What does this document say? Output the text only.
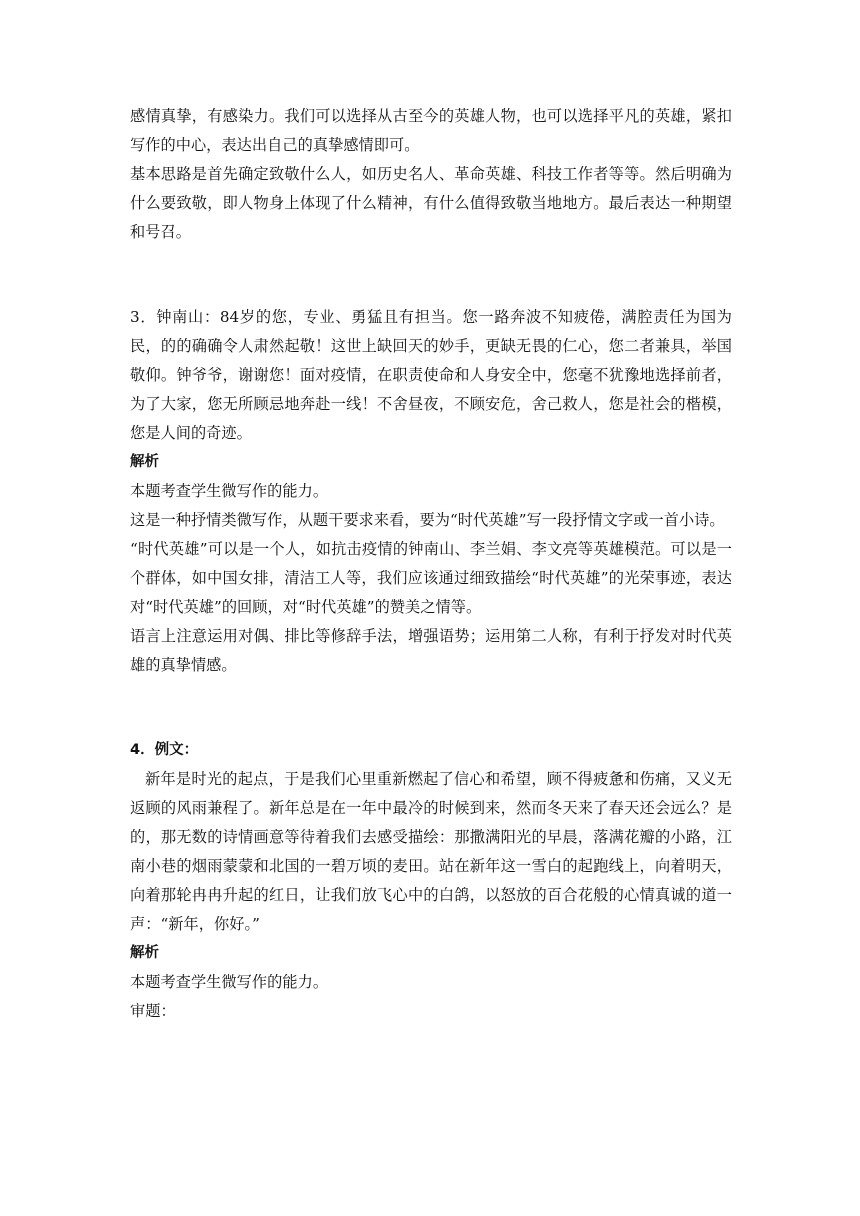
感情真挚，有感染力。我们可以选择从古至今的英雄人物，也可以选择平凡的英雄，紧扣写作的中心，表达出自己的真挚感情即可。

基本思路是首先确定致敬什么人，如历史名人、革命英雄、科技工作者等等。然后明确为什么要致敬，即人物身上体现了什么精神，有什么值得致敬当地地方。最后表达一种期望和号召。

3．钟南山：84岁的您，专业、勇猛且有担当。您一路奔波不知疲倦，满腔责任为国为民，的的确确令人肃然起敬！这世上缺回天的妙手，更缺无畏的仁心，您二者兼具，举国敬仰。钟爷爷，谢谢您！面对疫情，在职责使命和人身安全中，您毫不犹豫地选择前者，为了大家，您无所顾忌地奔赴一线！不舍昼夜，不顾安危，舍己救人，您是社会的楷模，您是人间的奇迹。

解析

本题考查学生微写作的能力。

这是一种抒情类微写作，从题干要求来看，要为“时代英雄”写一段抒情文字或一首小诗。

“时代英雄”可以是一个人，如抗击疫情的钟南山、李兰娟、李文亮等英雄模范。可以是一个群体，如中国女排，清洁工人等，我们应该通过细致描绘“时代英雄”的光荣事迹，表达对“时代英雄”的回顾，对“时代英雄”的赞美之情等。

语言上注意运用对偶、排比等修辞手法，增强语势；运用第二人称，有利于抒发对时代英雄的真挚情感。

4．例文：

新年是时光的起点，于是我们心里重新燃起了信心和希望，顾不得疲惫和伤痛，又义无返顾的风雨兼程了。新年总是在一年中最冷的时候到来，然而冬天来了春天还会远么？是的，那无数的诗情画意等待着我们去感受描绘：那撒满阳光的早晨，落满花瓣的小路，江南小巷的烟雨蒙蒙和北国的一碧万顷的麦田。站在新年这一雪白的起跑线上，向着明天，向着那轮冉冉升起的红日，让我们放飞心中的白鸽，以怒放的百合花般的心情真诚的道一声：“新年，你好。”

解析

本题考查学生微写作的能力。

审题：
